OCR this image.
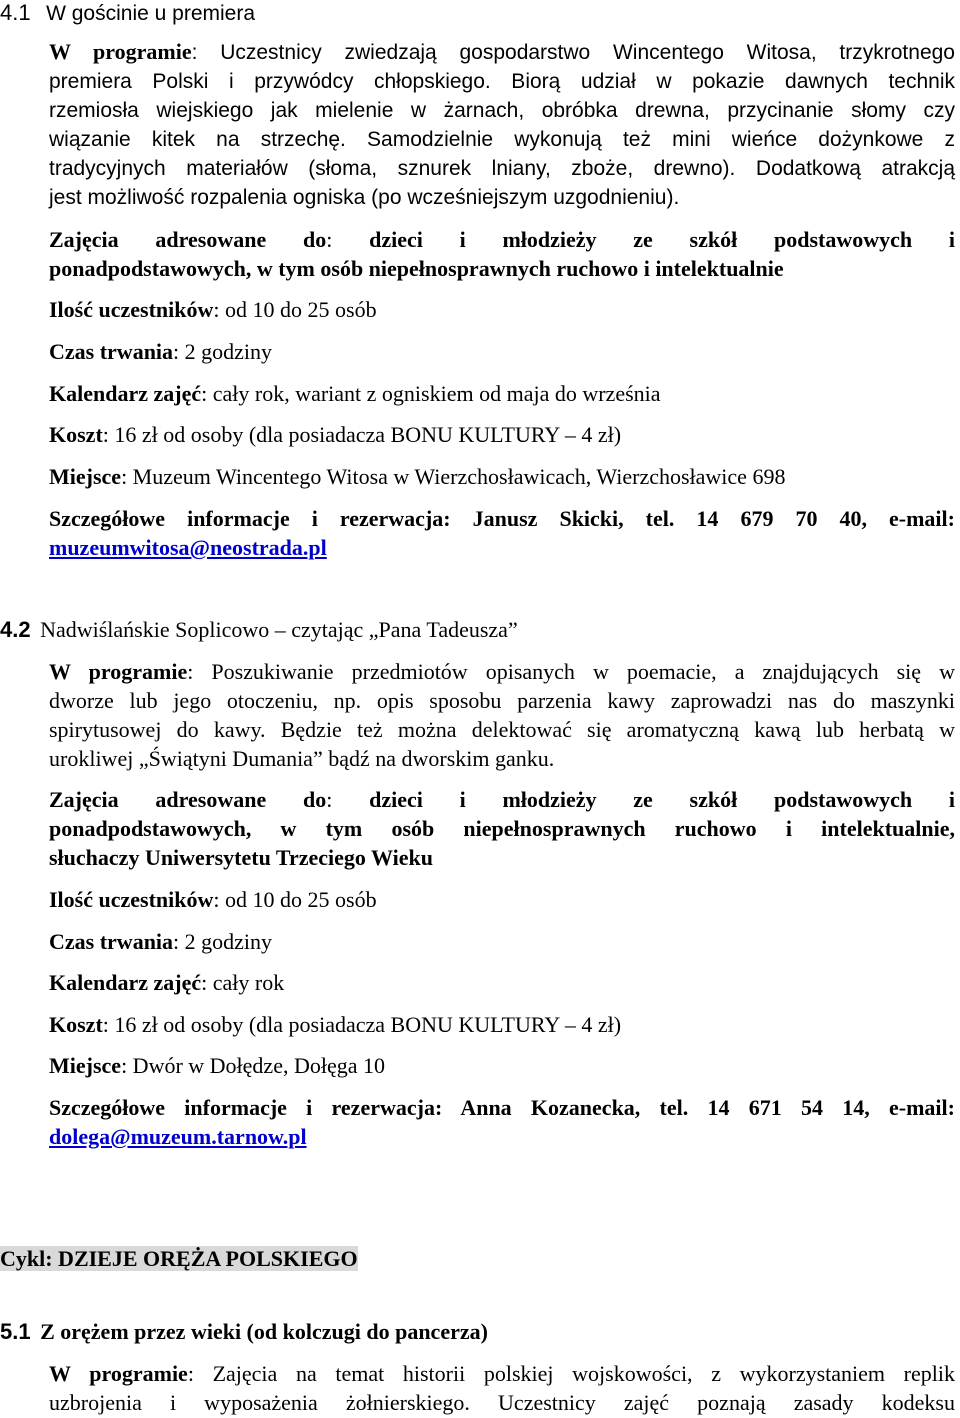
4.1 W gościnie u premiera
W programie: Uczestnicy zwiedzają gospodarstwo Wincentego Witosa, trzykrotnego
premiera Polski i przywódcy chłopskiego. Biorą udział w pokazie dawnych technik
rzemiosła wiejskiego jak mielenie w żarnach, obróbka drewna, przycinanie słomy czy
wiązanie kitek na strzechę. Samodzielnie wykonują też mini wieńce dożynkowe z
tradycyjnych materiałów (słoma, sznurek lniany, zboże, drewno). Dodatkową atrakcją
jest możliwość rozpalenia ogniska (po wcześniejszym uzgodnieniu).
Zajęcia adresowane do: dzieci i młodzieży ze szkół podstawowych i
ponadpodstawowych, w tym osób niepełnosprawnych ruchowo i intelektualnie
Ilość uczestników: od 10 do 25 osób
Czas trwania: 2 godziny
Kalendarz zajęć: cały rok, wariant z ogniskiem od maja do września
Koszt: 16 zł od osoby (dla posiadacza BONU KULTURY – 4 zł)
Miejsce: Muzeum Wincentego Witosa w Wierzchosławicach, Wierzchosławice 698
Szczegółowe informacje i rezerwacja: Janusz Skicki, tel. 14 679 70 40, e-mail:
muzeumwitosa@neostrada.pl
4.2 Nadwiślańskie Soplicowo – czytając „Pana Tadeusza”
W programie: Poszukiwanie przedmiotów opisanych w poemacie, a znajdujących się w
dworze lub jego otoczeniu, np. opis sposobu parzenia kawy zaprowadzi nas do maszynki
spirytusowej do kawy. Będzie też można delektować się aromatyczną kawą lub herbatą w
urokliwej „Świątyni Dumania” bądź na dworskim ganku.
Zajęcia adresowane do: dzieci i młodzieży ze szkół podstawowych i
ponadpodstawowych, w tym osób niepełnosprawnych ruchowo i intelektualnie,
słuchaczy Uniwersytetu Trzeciego Wieku
Ilość uczestników: od 10 do 25 osób
Czas trwania: 2 godziny
Kalendarz zajęć: cały rok
Koszt: 16 zł od osoby (dla posiadacza BONU KULTURY – 4 zł)
Miejsce: Dwór w Dołędze, Dołęga 10
Szczegółowe informacje i rezerwacja: Anna Kozanecka, tel. 14 671 54 14, e-mail:
dolega@muzeum.tarnow.pl
Cykl: DZIEJE ORĘŻA POLSKIEGO
5.1 Z orężem przez wieki (od kolczugi do pancerza)
W programie: Zajęcia na temat historii polskiej wojskowości, z wykorzystaniem replik
uzbrojenia i wyposażenia żołnierskiego. Uczestnicy zajęć poznają zasady kodeksu
